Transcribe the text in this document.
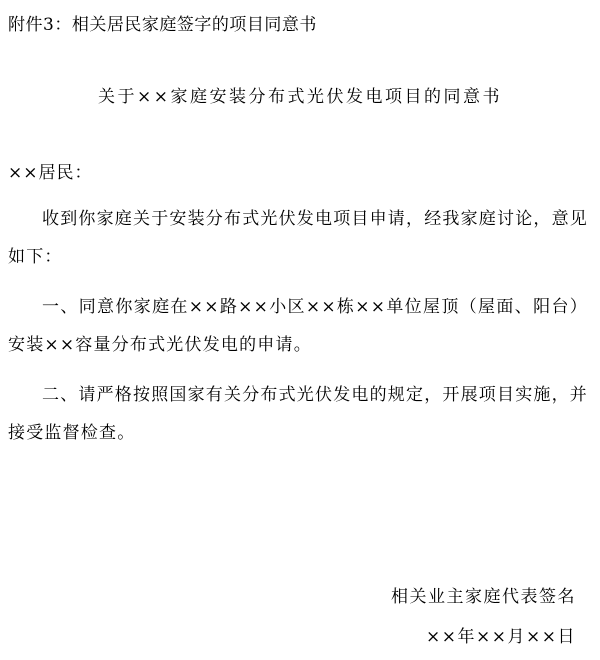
附件3：相关居民家庭签字的项目同意书
关于××家庭安装分布式光伏发电项目的同意书
××居民：

收到你家庭关于安装分布式光伏发电项目申请，经我家庭讨论，意见如下：

一、同意你家庭在××路××小区××栋××单位屋顶（屋面、阳台）安装××容量分布式光伏发电的申请。

二、请严格按照国家有关分布式光伏发电的规定，开展项目实施，并接受监督检查。

相关业主家庭代表签名
××年××月××日
